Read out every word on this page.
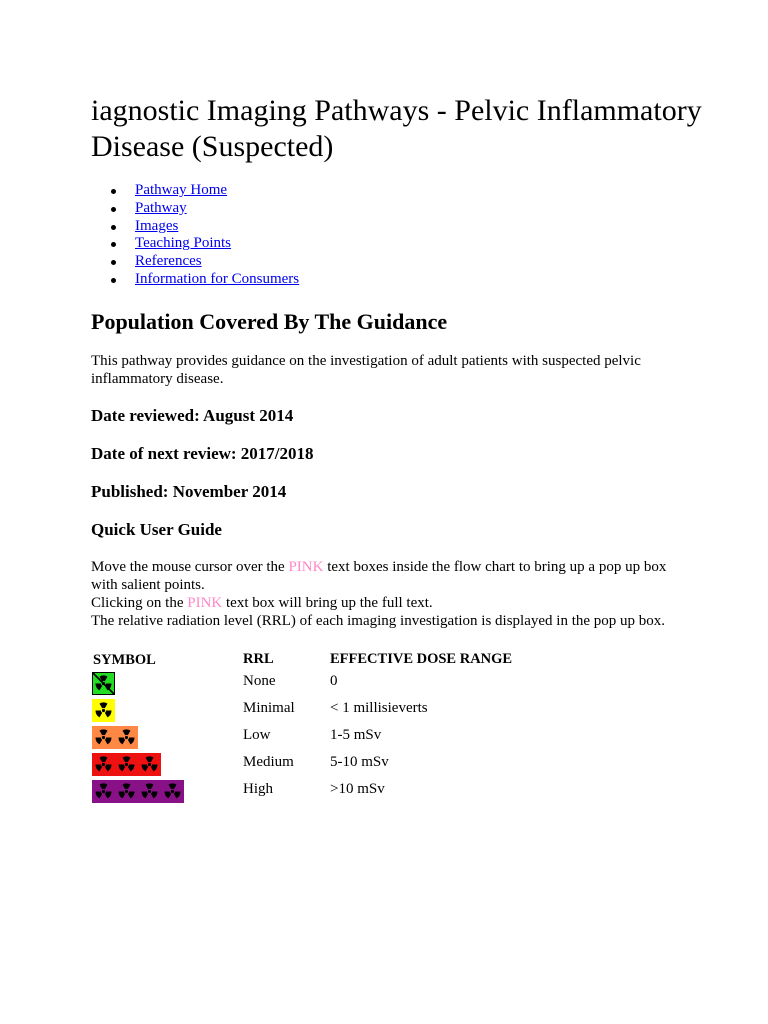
iagnostic Imaging Pathways - Pelvic Inflammatory Disease (Suspected)
Pathway Home
Pathway
Images
Teaching Points
References
Information for Consumers
Population Covered By The Guidance

This pathway provides guidance on the investigation of adult patients with suspected pelvic inflammatory disease.

Date reviewed: August 2014

Date of next review: 2017/2018

Published: November 2014

Quick User Guide

Move the mouse cursor over the PINK text boxes inside the flow chart to bring up a pop up box with salient points.
Clicking on the PINK text box will bring up the full text.
The relative radiation level (RRL) of each imaging investigation is displayed in the pop up box.

SYMBOL	RRL	EFFECTIVE DOSE RANGE
None	0
Minimal < 1 millisieverts
Low	1-5 mSv
Medium 5-10 mSv
High	>10 mSv
